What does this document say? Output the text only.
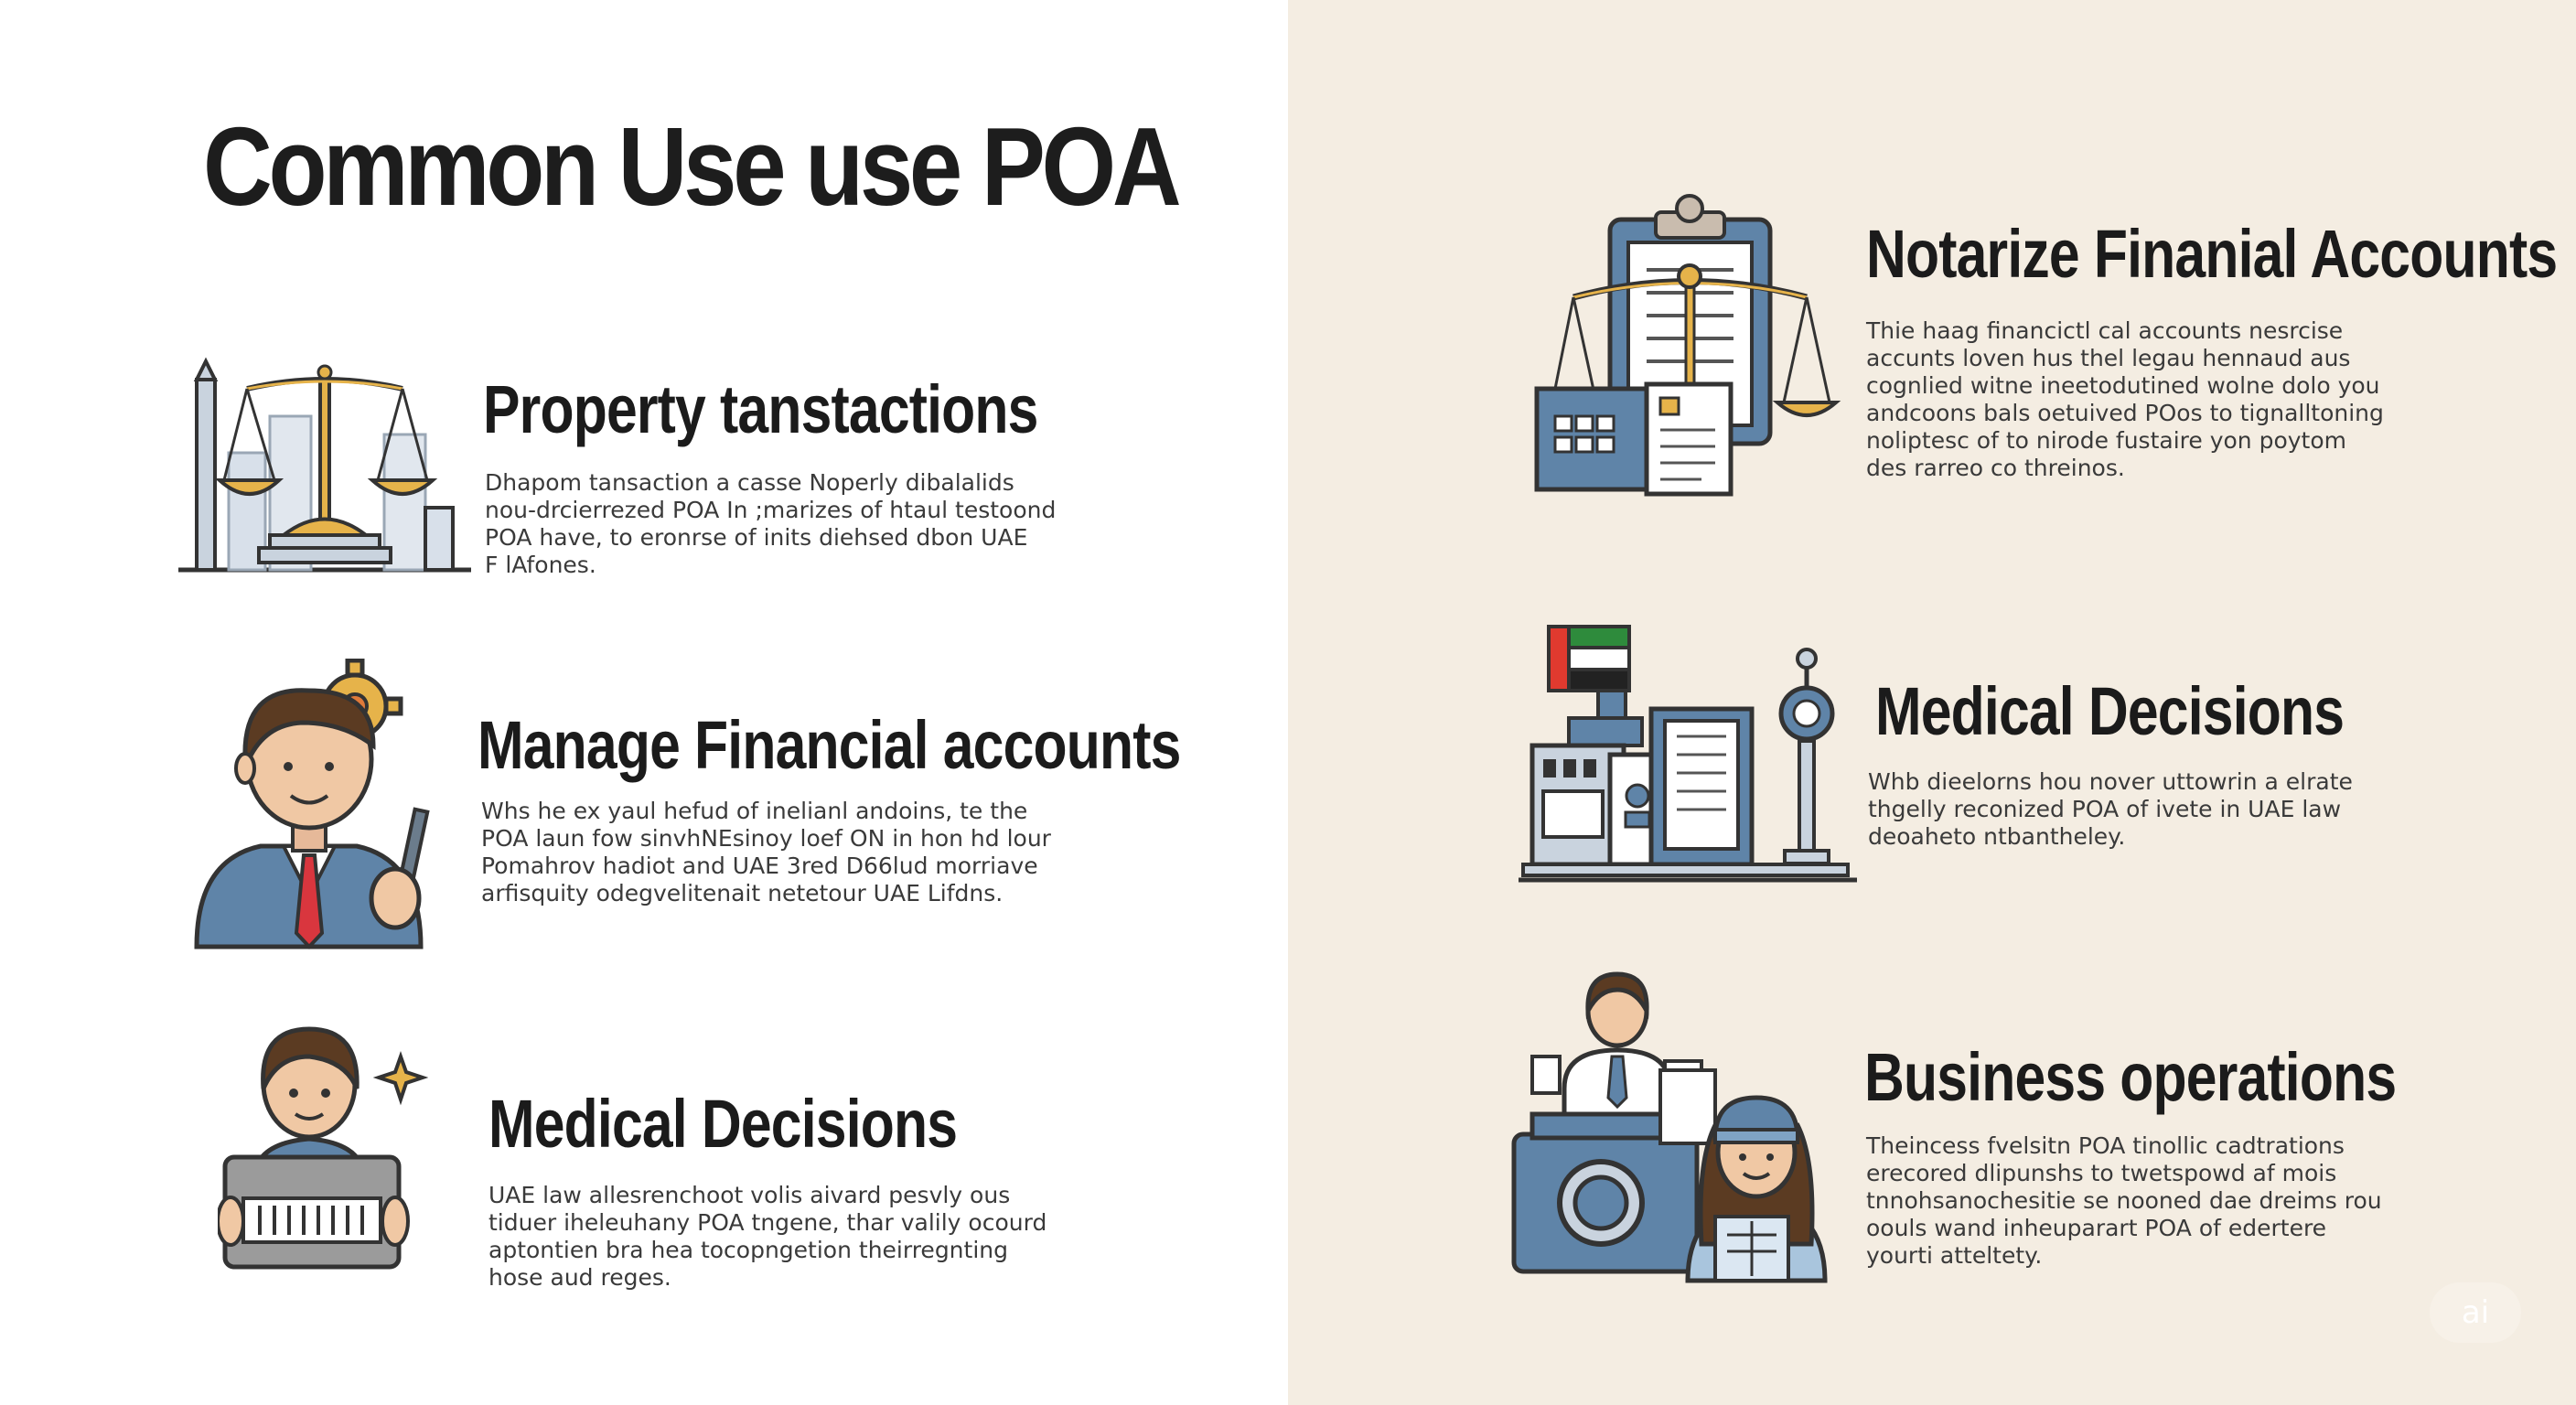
Common Use use POA
Property tanstactions
Dhapom tansaction a casse Noperly dibalalids
nou-drcierrezed POA In ;marizes of htaul testoond
POA have, to eronrse of inits diehsed dbon UAE
F lAfones.
Manage Financial accounts
Whs he ex yaul hefud of inelianl andoins, te the
POA laun fow sinvhNEsinoy loef ON in hon hd lour
Pomahrov hadiot and UAE 3red D66lud morriave
arfisquity odegvelitenait netetour UAE Lifdns.
Medical Decisions
UAE law allesrenchoot volis aivard pesvly ous
tiduer iheleuhany POA tngene, thar valily ocourd
aptontien bra hea tocopngetion theirregnting
hose aud reges.
Notarize Finanial Accounts
Thie haag financictl cal accounts nesrcise
accunts loven hus thel legau hennaud aus
cognlied witne ineetodutined wolne dolo you
andcoons bals oetuived POos to tignalltoning
noliptesc of to nirode fustaire yon poytom
des rarreo co threinos.
Medical Decisions
Whb dieelorns hou nover uttowrin a elrate
thgelly reconized POA of ivete in UAE law
deoaheto ntbantheley.
Business operations
Theincess fvelsitn POA tinollic cadtrations
erecored dlipunshs to twetspowd af mois
tnnohsanochesitie se nooned dae dreims rou
oouls wand inheuparart POA of edertere
yourti atteltety.
ai
